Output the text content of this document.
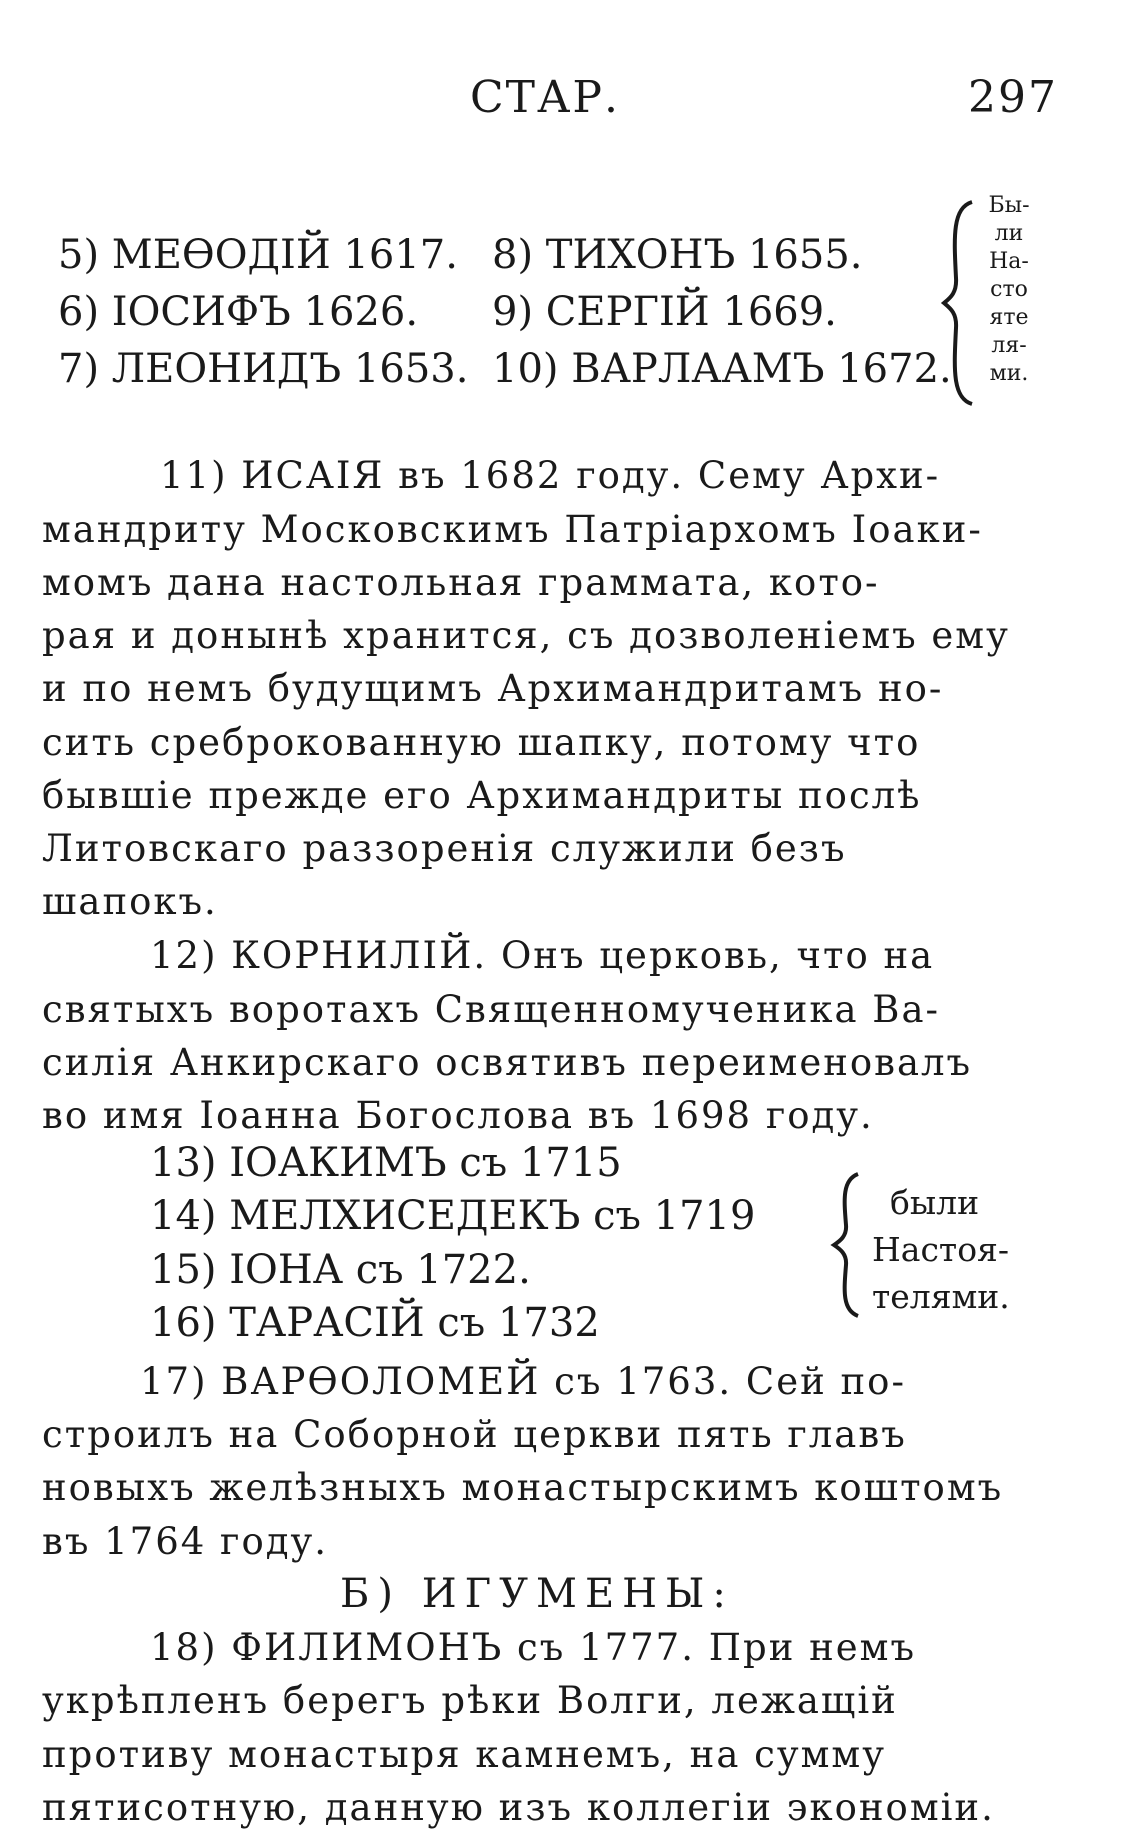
СТАР.	297
5) МЕѲОДІЙ 1617.
6) ІОСИФЪ 1626.
7) ЛЕОНИДЪ 1653.
8) ТИХОНЪ 1655.
9) СЕРГІЙ 1669.
10) ВАРЛААМЪ 1672.
Бы-
ли
На-
сто
яте
ля-
ми.
11) ИСАІЯ въ 1682 году. Сему Архи-
мандриту Московскимъ Патріархомъ Іоаки-
момъ дана настольная граммата, кото-
рая и донынѣ хранится, съ дозволеніемъ ему
и по немъ будущимъ Архимандритамъ но-
сить среброкованную шапку, потому что
бывшіе прежде его Архимандриты послѣ
Литовскаго раззоренія служили безъ
шапокъ.
12) КОРНИЛІЙ. Онъ церковь, что на
святыхъ воротахъ Священномученика Ва-
силія Анкирскаго освятивъ переименовалъ
во имя Іоанна Богослова въ 1698 году.
13) ІОАКИМЪ съ 1715
14) МЕЛХИСЕДЕКЪ съ 1719
15) ІОНА съ 1722.
16) ТАРАСІЙ съ 1732
были
Настоя-
телями.
17) ВАРѲОЛОМЕЙ съ 1763. Сей по-
строилъ на Соборной церкви пять главъ
новыхъ желѣзныхъ монастырскимъ коштомъ
въ 1764 году.
Б) ИГУМЕНЫ:
18) ФИЛИМОНЪ съ 1777. При немъ
укрѣпленъ берегъ рѣки Волги, лежащій
противу монастыря камнемъ, на сумму
пятисотную, данную изъ коллегіи экономіи.
